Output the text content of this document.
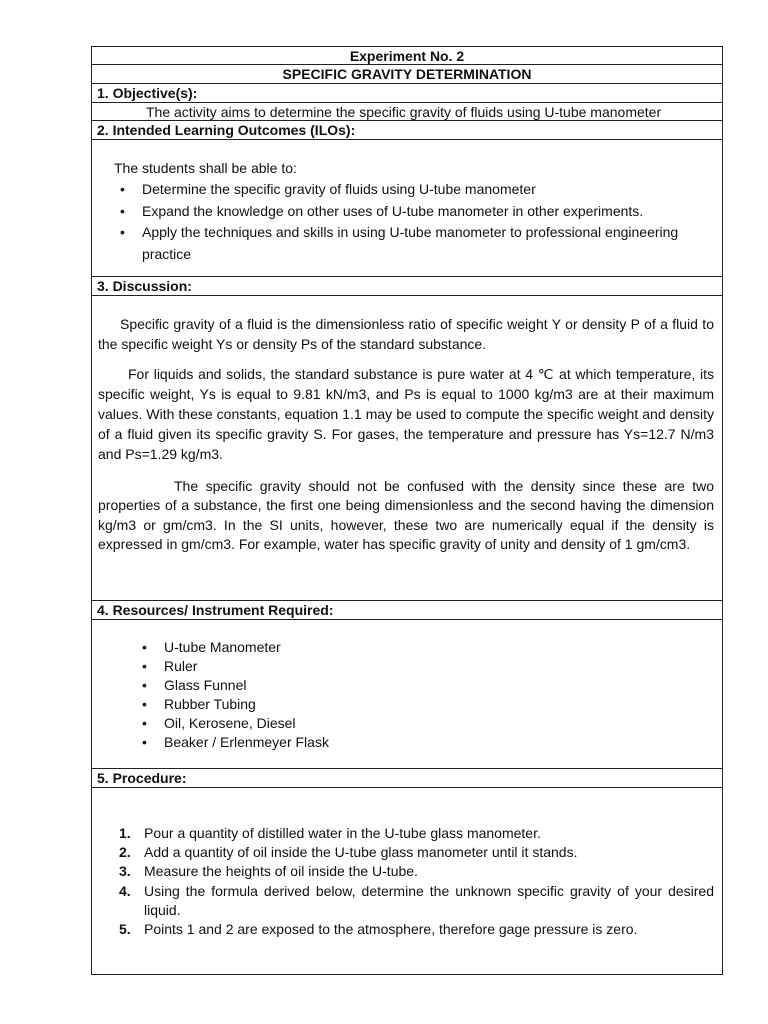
Experiment No. 2
SPECIFIC GRAVITY DETERMINATION
1. Objective(s):
The activity aims to determine the specific gravity of fluids using U-tube manometer
2. Intended Learning Outcomes (ILOs):
The students shall be able to:
• Determine the specific gravity of fluids using U-tube manometer
• Expand the knowledge on other uses of U-tube manometer in other experiments.
• Apply the techniques and skills in using U-tube manometer to professional engineering practice
3. Discussion:

Specific gravity of a fluid is the dimensionless ratio of specific weight Y or density P of a fluid to the specific weight Ys or density Ps of the standard substance.

For liquids and solids, the standard substance is pure water at 4 ℃ at which temperature, its specific weight, Ys is equal to 9.81 kN/m3, and Ps is equal to 1000 kg/m3 are at their maximum values. With these constants, equation 1.1 may be used to compute the specific weight and density of a fluid given its specific gravity S. For gases, the temperature and pressure has Ys=12.7 N/m3 and Ps=1.29 kg/m3.

The specific gravity should not be confused with the density since these are two properties of a substance, the first one being dimensionless and the second having the dimension kg/m3 or gm/cm3. In the SI units, however, these two are numerically equal if the density is expressed in gm/cm3. For example, water has specific gravity of unity and density of 1 gm/cm3.

4. Resources/ Instrument Required:
• U-tube Manometer
• Ruler
• Glass Funnel
• Rubber Tubing
• Oil, Kerosene, Diesel
• Beaker / Erlenmeyer Flask
5. Procedure:
1. Pour a quantity of distilled water in the U-tube glass manometer.
2. Add a quantity of oil inside the U-tube glass manometer until it stands.
3. Measure the heights of oil inside the U-tube.
4. Using the formula derived below, determine the unknown specific gravity of your desired liquid.
5. Points 1 and 2 are exposed to the atmosphere, therefore gage pressure is zero.
